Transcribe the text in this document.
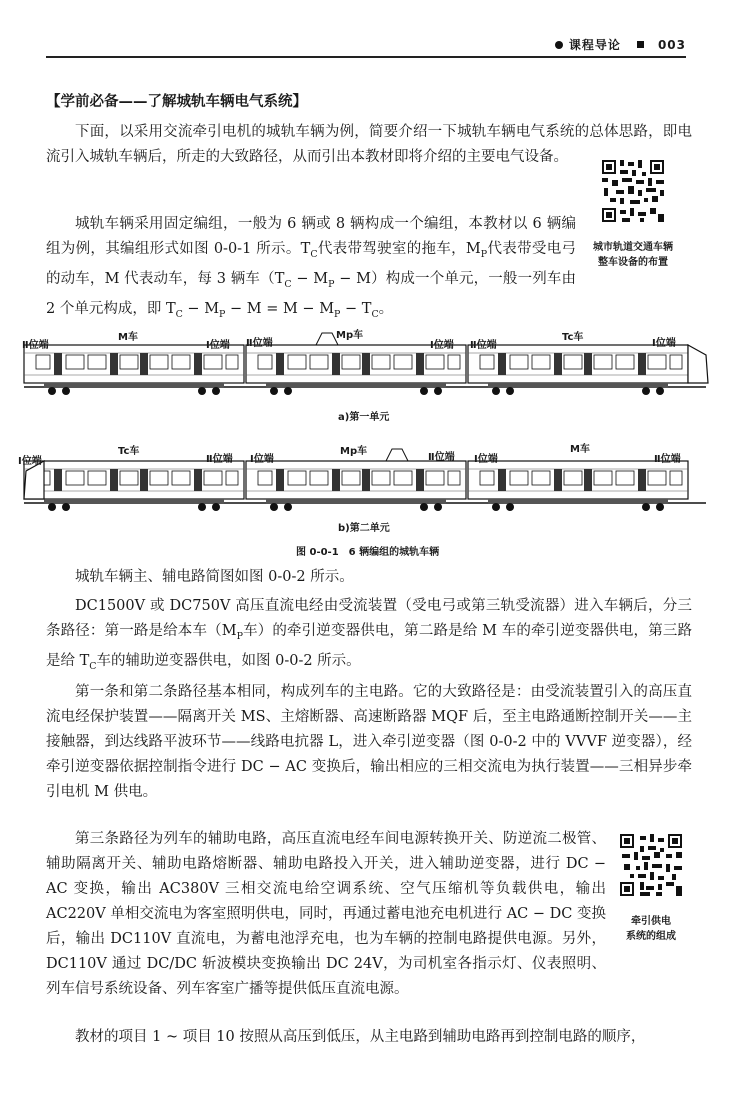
课程导论	003
【学前必备——了解城轨车辆电气系统】
下面，以采用交流牵引电机的城轨车辆为例，简要介绍一下城轨车辆电气系统的总体思路，即电流引入城轨车辆后，所走的大致路径，从而引出本教材即将介绍的主要电气设备。
城市轨道交通车辆
整车设备的布置
城轨车辆采用固定编组，一般为 6 辆或 8 辆构成一个编组，本教材以 6 辆编组为例，其编组形式如图 0-0-1 所示。$T_C$代表带驾驶室的拖车，$M_P$代表带受电弓的动车，M 代表动车，每 3 辆车$(T_C - M_P - M)$构成一个单元，一般一列车由 2 个单元构成，即 $T_C - M_P - M = M - M_P - T_C$。
Ⅱ位端
M车
Ⅰ位端 Ⅱ位端
Mp车
Ⅰ位端 Ⅱ位端
Tc车
Ⅰ位端
a)第一单元
Ⅰ位端
Tc车
Ⅱ位端 Ⅰ位端
Mp车
Ⅱ位端 Ⅰ位端
M车
Ⅱ位端
b)第二单元
图 0-0-1　6 辆编组的城轨车辆
城轨车辆主、辅电路简图如图 0-0-2 所示。
DC1500V 或 DC750V 高压直流电经由受流装置（受电弓或第三轨受流器）进入车辆后，分三条路径：第一路是给本车（$M_P$车）的牵引逆变器供电，第二路是给 M 车的牵引逆变器供电，第三路是给 $T_C$车的辅助逆变器供电，如图 0-0-2 所示。
第一条和第二条路径基本相同，构成列车的主电路。它的大致路径是：由受流装置引入的高压直流电经保护装置——隔离开关 MS、主熔断器、高速断路器 MQF 后，至主电路通断控制开关——主接触器，到达线路平波环节——线路电抗器 L，进入牵引逆变器（图 0-0-2 中的 VVVF 逆变器），经牵引逆变器依据控制指令进行 DC − AC 变换后，输出相应的三相交流电为执行装置——三相异步牵引电机 M 供电。
牵引供电
系统的组成
第三条路径为列车的辅助电路，高压直流电经车间电源转换开关、防逆流二极管、辅助隔离开关、辅助电路熔断器、辅助电路投入开关，进入辅助逆变器，进行 DC − AC 变换，输出 AC380V 三相交流电给空调系统、空气压缩机等负载供电，输出 AC220V 单相交流电为客室照明供电，同时，再通过蓄电池充电机进行 AC − DC 变换后，输出 DC110V 直流电，为蓄电池浮充电，也为车辆的控制电路提供电源。另外，DC110V 通过 DC/DC 斩波模块变换输出 DC 24V，为司机室各指示灯、仪表照明、列车信号系统设备、列车客室广播等提供低压直流电源。
教材的项目 1 ~ 项目 10 按照从高压到低压，从主电路到辅助电路再到控制电路的顺序，
